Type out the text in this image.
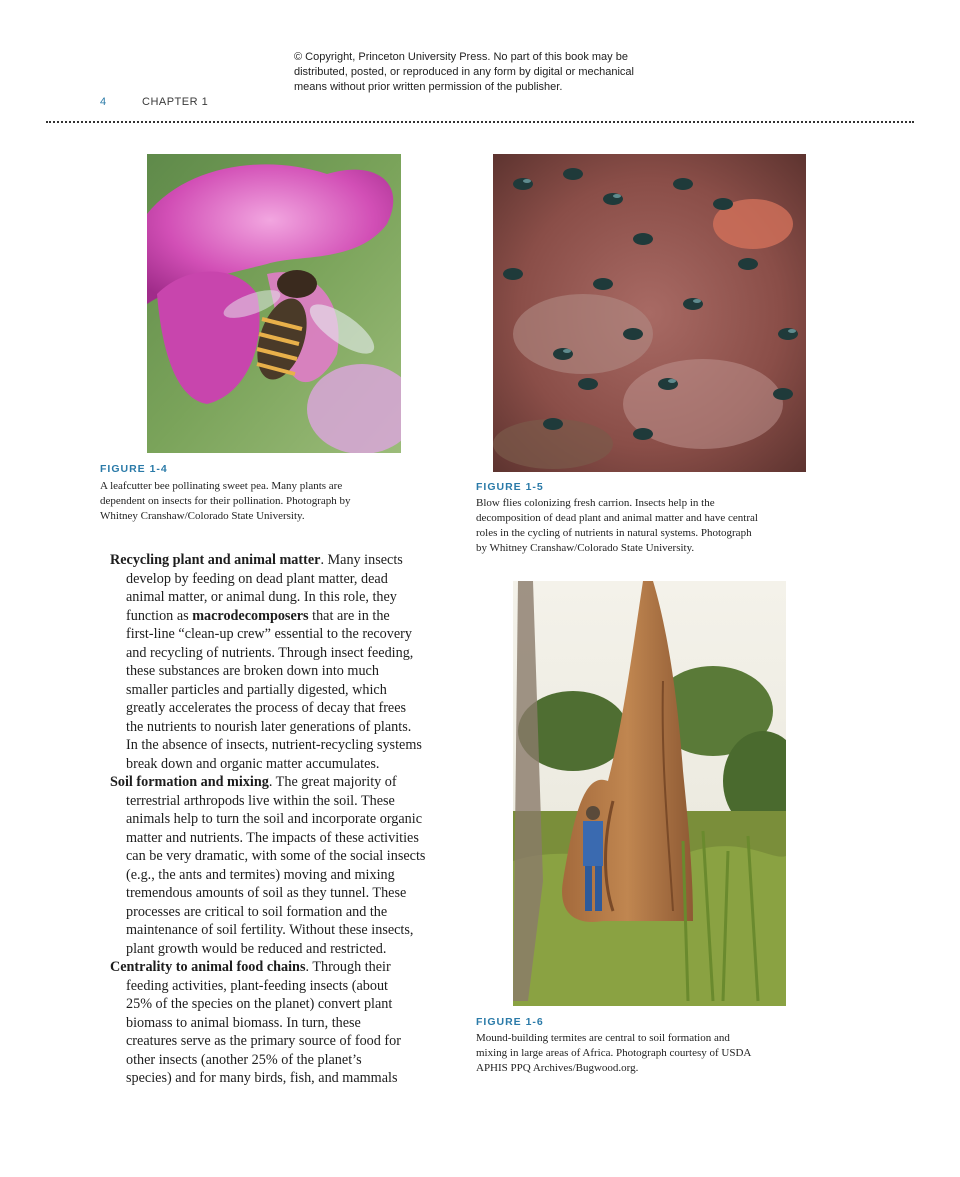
© Copyright, Princeton University Press. No part of this book may be
distributed, posted, or reproduced in any form by digital or mechanical
means without prior written permission of the publisher.
4	CHAPTER 1
FIGURE 1-4
A leafcutter bee pollinating sweet pea. Many plants are
dependent on insects for their pollination. Photograph by
Whitney Cranshaw/Colorado State University.
FIGURE 1-5
Blow flies colonizing fresh carrion. Insects help in the
decomposition of dead plant and animal matter and have central
roles in the cycling of nutrients in natural systems. Photograph
by Whitney Cranshaw/Colorado State University.
FIGURE 1-6
Mound-building termites are central to soil formation and
mixing in large areas of Africa. Photograph courtesy of USDA
APHIS PPQ Archives/Bugwood.org.
Recycling plant and animal matter. Many insects
develop by feeding on dead plant matter, dead
animal matter, or animal dung. In this role, they
function as macrodecomposers that are in the
first-line “clean-up crew” essential to the recovery
and recycling of nutrients. Through insect feeding,
these substances are broken down into much
smaller particles and partially digested, which
greatly accelerates the process of decay that frees
the nutrients to nourish later generations of plants.
In the absence of insects, nutrient-recycling systems
break down and organic matter accumulates.
Soil formation and mixing. The great majority of
terrestrial arthropods live within the soil. These
animals help to turn the soil and incorporate organic
matter and nutrients. The impacts of these activities
can be very dramatic, with some of the social insects
(e.g., the ants and termites) moving and mixing
tremendous amounts of soil as they tunnel. These
processes are critical to soil formation and the
maintenance of soil fertility. Without these insects,
plant growth would be reduced and restricted.
Centrality to animal food chains. Through their
feeding activities, plant-feeding insects (about
25% of the species on the planet) convert plant
biomass to animal biomass. In turn, these
creatures serve as the primary source of food for
other insects (another 25% of the planet’s
species) and for many birds, fish, and mammals
